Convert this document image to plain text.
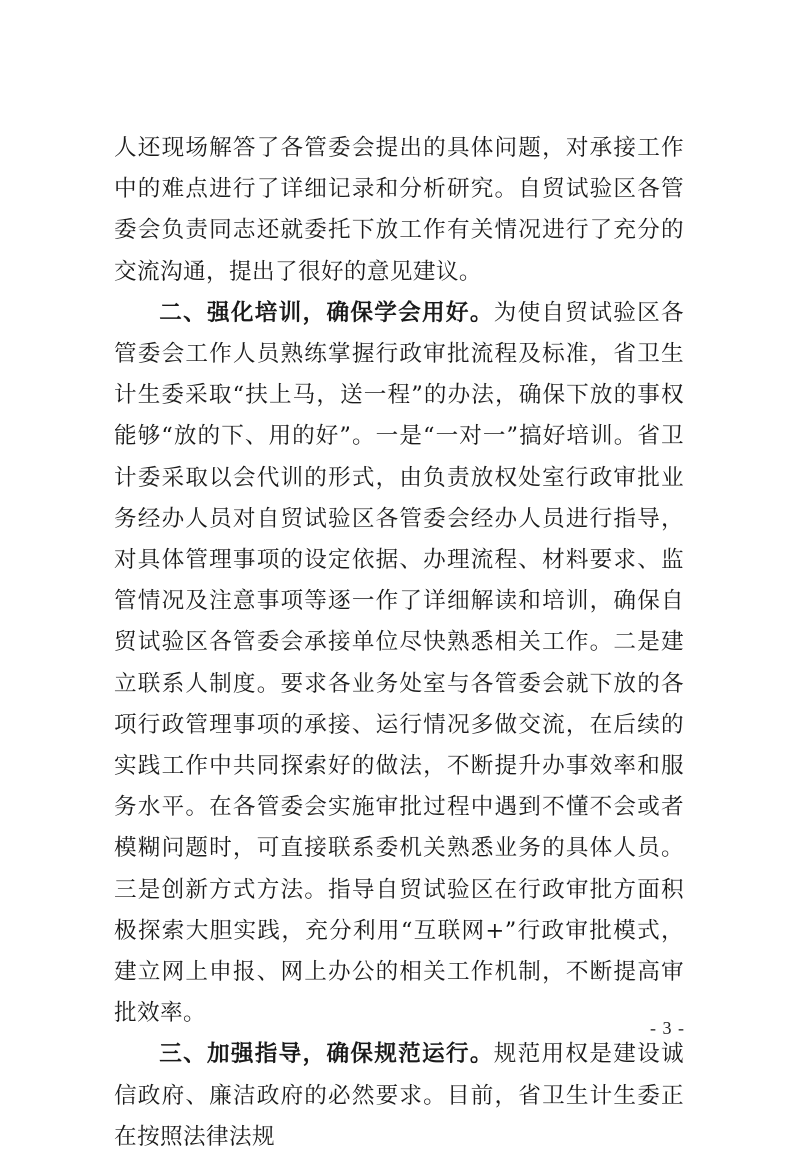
人还现场解答了各管委会提出的具体问题，对承接工作中的难点进行了详细记录和分析研究。自贸试验区各管委会负责同志还就委托下放工作有关情况进行了充分的交流沟通，提出了很好的意见建议。

二、强化培训，确保学会用好。为使自贸试验区各管委会工作人员熟练掌握行政审批流程及标准，省卫生计生委采取“扶上马，送一程”的办法，确保下放的事权能够“放的下、用的好”。一是“一对一”搞好培训。省卫计委采取以会代训的形式，由负责放权处室行政审批业务经办人员对自贸试验区各管委会经办人员进行指导，对具体管理事项的设定依据、办理流程、材料要求、监管情况及注意事项等逐一作了详细解读和培训，确保自贸试验区各管委会承接单位尽快熟悉相关工作。二是建立联系人制度。要求各业务处室与各管委会就下放的各项行政管理事项的承接、运行情况多做交流，在后续的实践工作中共同探索好的做法，不断提升办事效率和服务水平。在各管委会实施审批过程中遇到不懂不会或者模糊问题时，可直接联系委机关熟悉业务的具体人员。三是创新方式方法。指导自贸试验区在行政审批方面积极探索大胆实践，充分利用“互联网+”行政审批模式，建立网上申报、网上办公的相关工作机制，不断提高审批效率。

三、加强指导，确保规范运行。规范用权是建设诚信政府、廉洁政府的必然要求。目前，省卫生计生委正在按照法律法规

- 3 -
